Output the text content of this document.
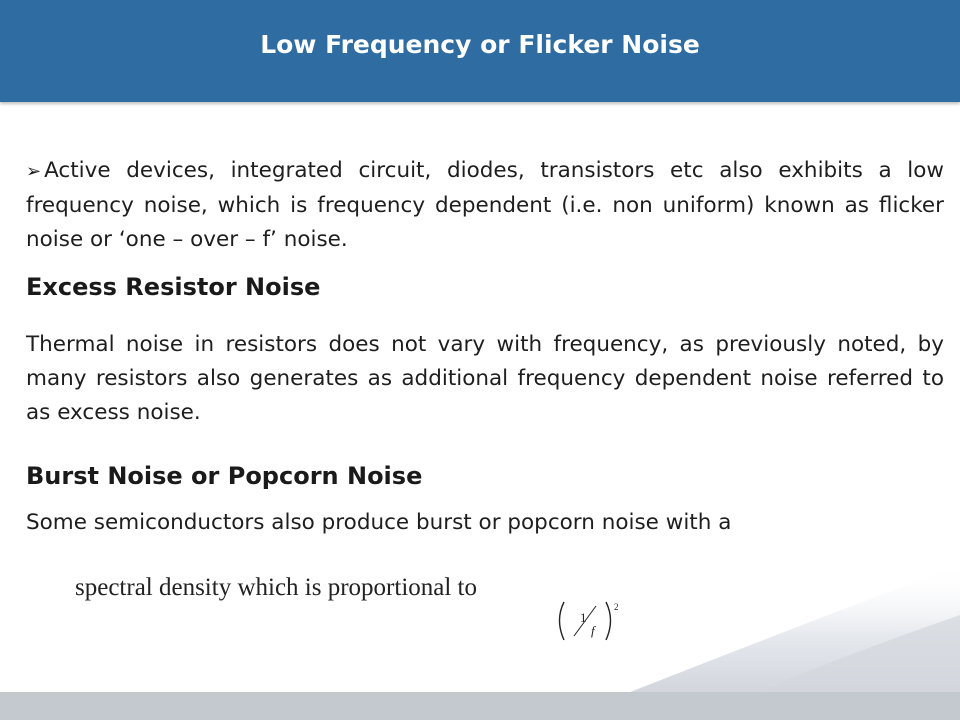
Low Frequency or Flicker Noise
➢ Active devices, integrated circuit, diodes, transistors etc also exhibits a low frequency noise, which is frequency dependent (i.e. non uniform) known as flicker noise or ‘one – over – f’ noise.
Excess Resistor Noise
Thermal noise in resistors does not vary with frequency, as previously noted, by many resistors also generates as additional frequency dependent noise referred to as excess noise.
Burst Noise or Popcorn Noise
Some semiconductors also produce burst or popcorn noise with a
spectral density which is proportional to
1
f
2
